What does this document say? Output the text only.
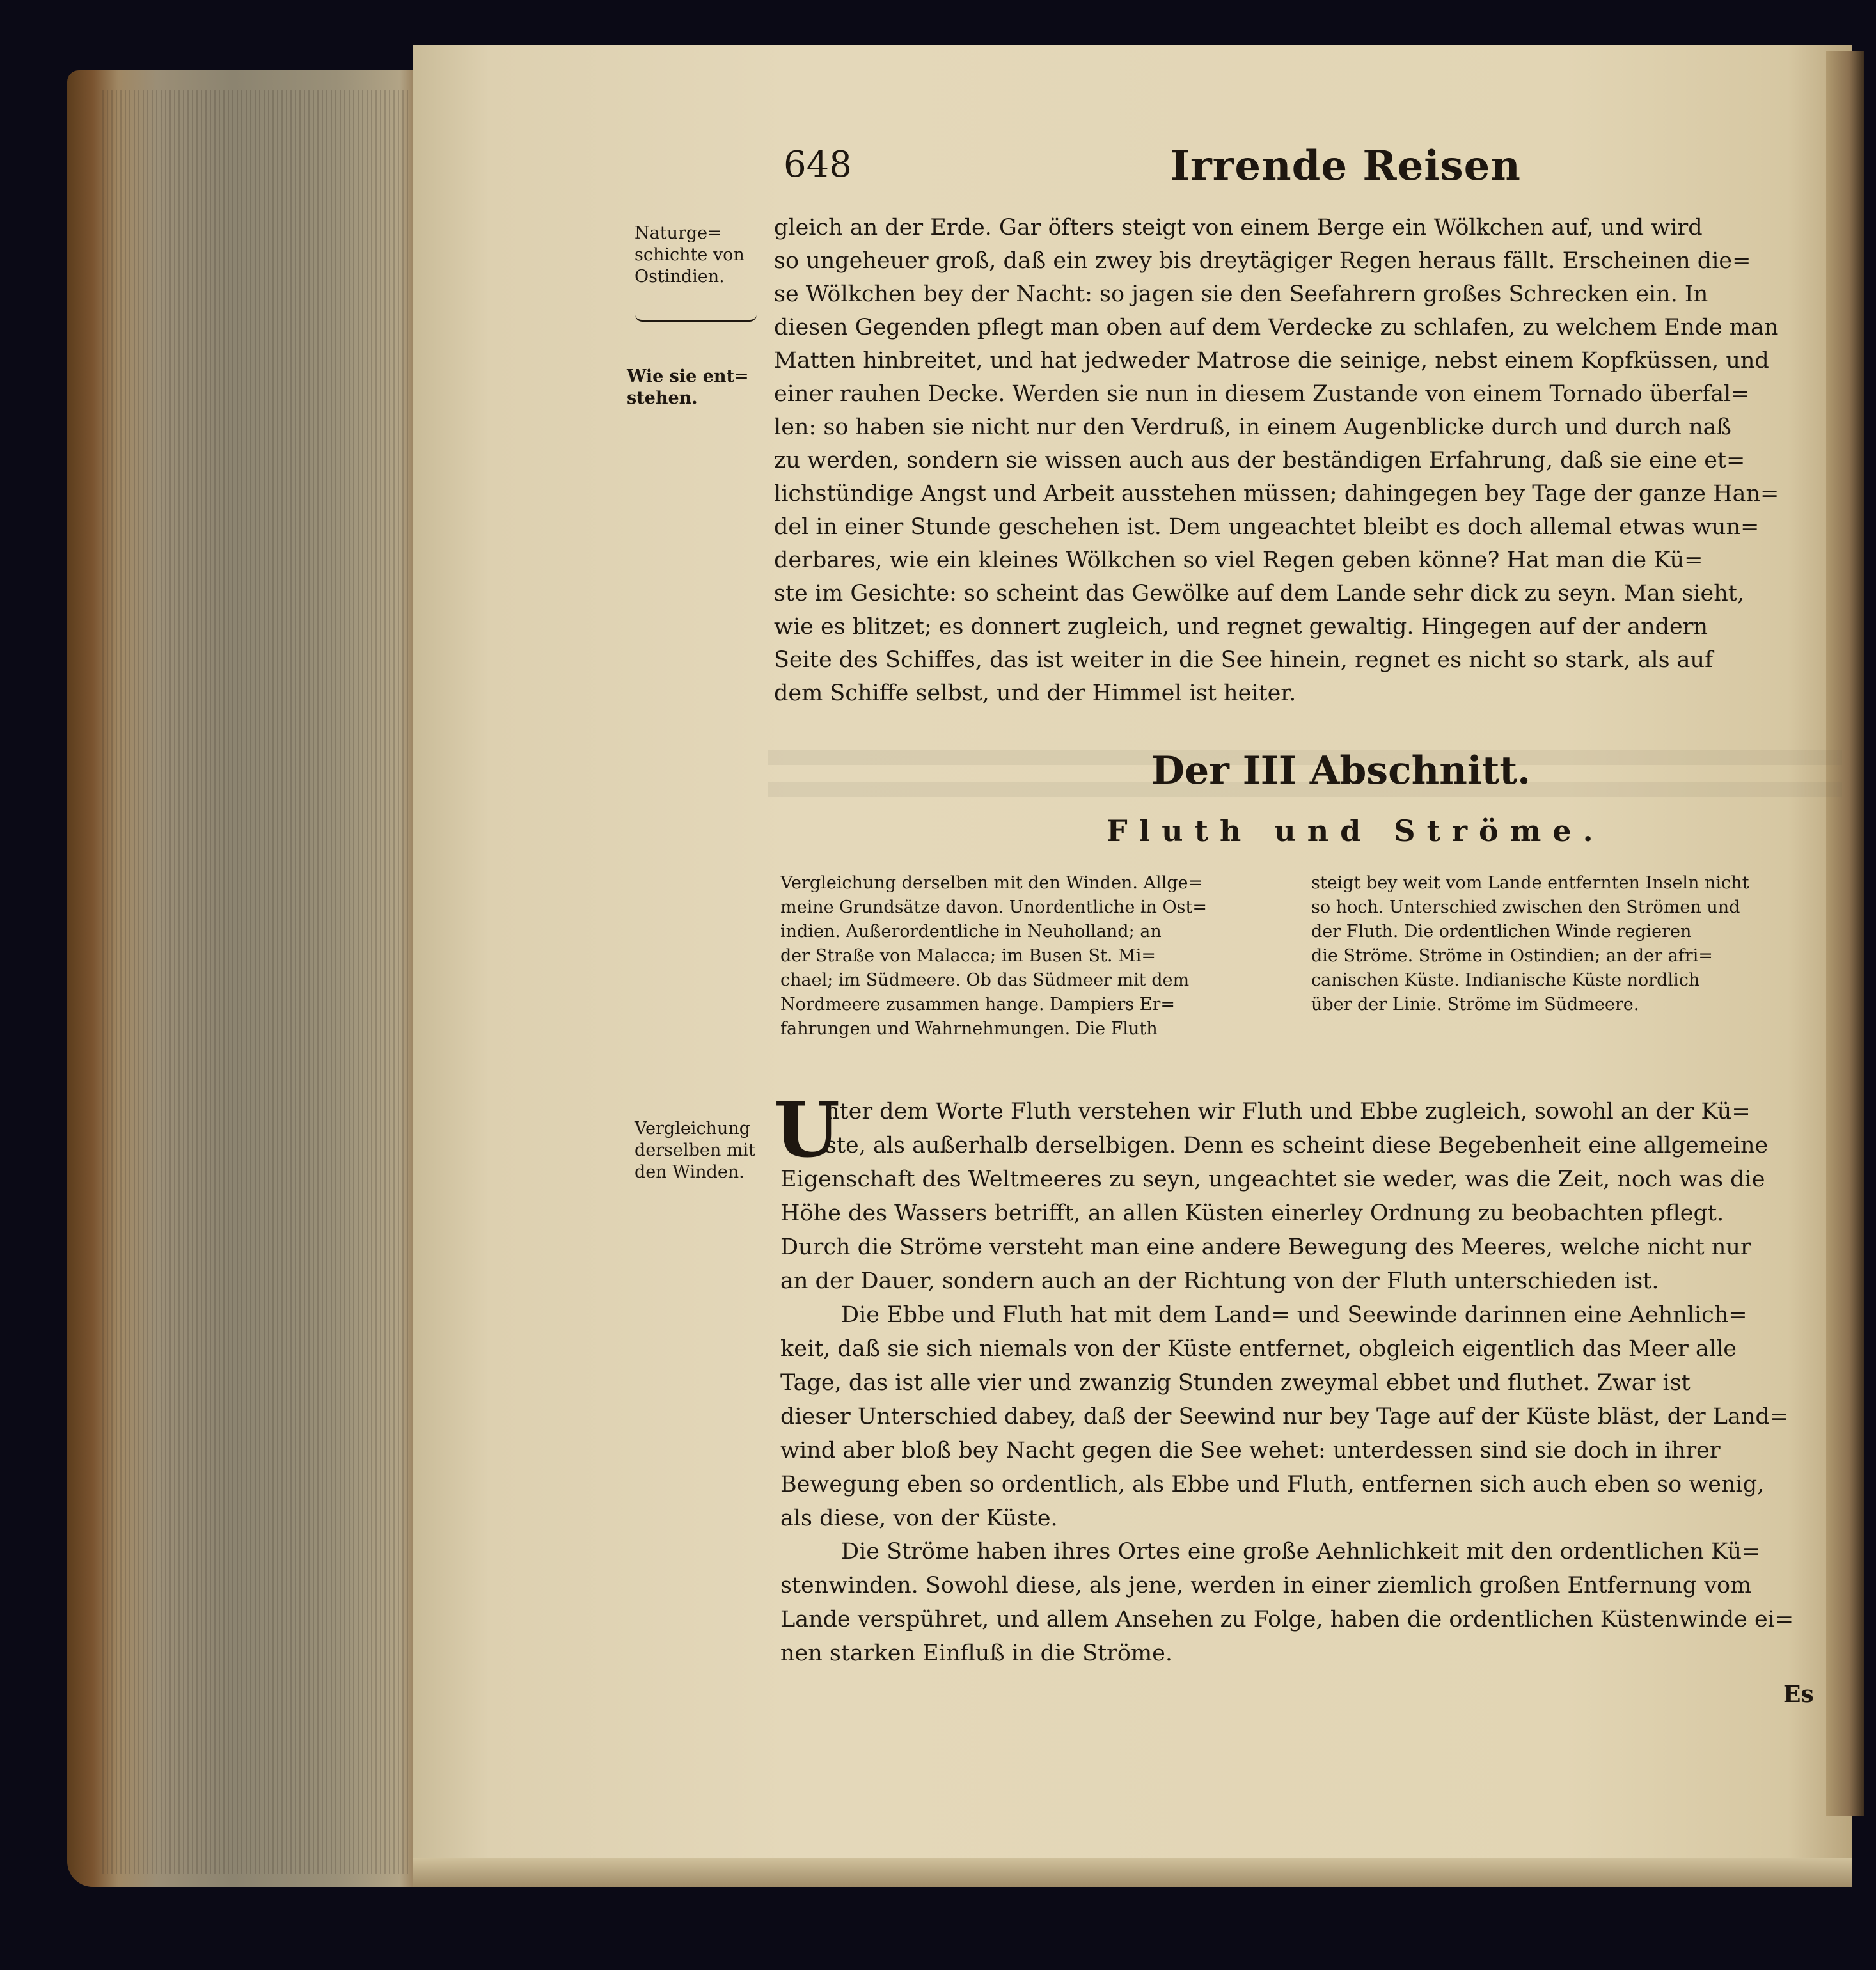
648	Irrende Reisen
Naturge= schichte von Ostindien.
Wie sie ent= stehen.
Vergleichung derselben mit den Winden.
gleich an der Erde. Gar öfters steigt von einem Berge ein Wölkchen auf, und wird
so ungeheuer groß, daß ein zwey bis dreytägiger Regen heraus fällt. Erscheinen die=
se Wölkchen bey der Nacht: so jagen sie den Seefahrern großes Schrecken ein. In
diesen Gegenden pflegt man oben auf dem Verdecke zu schlafen, zu welchem Ende man
Matten hinbreitet, und hat jedweder Matrose die seinige, nebst einem Kopfküssen, und
einer rauhen Decke. Werden sie nun in diesem Zustande von einem Tornado überfal=
len: so haben sie nicht nur den Verdruß, in einem Augenblicke durch und durch naß
zu werden, sondern sie wissen auch aus der beständigen Erfahrung, daß sie eine et=
lichstündige Angst und Arbeit ausstehen müssen; dahingegen bey Tage der ganze Han=
del in einer Stunde geschehen ist. Dem ungeachtet bleibt es doch allemal etwas wun=
derbares, wie ein kleines Wölkchen so viel Regen geben könne? Hat man die Kü=
ste im Gesichte: so scheint das Gewölke auf dem Lande sehr dick zu seyn. Man sieht,
wie es blitzet; es donnert zugleich, und regnet gewaltig. Hingegen auf der andern
Seite des Schiffes, das ist weiter in die See hinein, regnet es nicht so stark, als auf
dem Schiffe selbst, und der Himmel ist heiter.
Der III Abschnitt.
Fluth und Ströme.
Vergleichung derselben mit den Winden. Allge=
meine Grundsätze davon. Unordentliche in Ost=
indien. Außerordentliche in Neuholland; an
der Straße von Malacca; im Busen St. Mi=
chael; im Südmeere. Ob das Südmeer mit dem
Nordmeere zusammen hange. Dampiers Er=
fahrungen und Wahrnehmungen. Die Fluth
steigt bey weit vom Lande entfernten Inseln nicht
so hoch. Unterschied zwischen den Strömen und
der Fluth. Die ordentlichen Winde regieren
die Ströme. Ströme in Ostindien; an der afri=
canischen Küste. Indianische Küste nordlich
über der Linie. Ströme im Südmeere.
U
nter dem Worte Fluth verstehen wir Fluth und Ebbe zugleich, sowohl an der Kü=
ste, als außerhalb derselbigen. Denn es scheint diese Begebenheit eine allgemeine
Eigenschaft des Weltmeeres zu seyn, ungeachtet sie weder, was die Zeit, noch was die
Höhe des Wassers betrifft, an allen Küsten einerley Ordnung zu beobachten pflegt.
Durch die Ströme versteht man eine andere Bewegung des Meeres, welche nicht nur
an der Dauer, sondern auch an der Richtung von der Fluth unterschieden ist.
Die Ebbe und Fluth hat mit dem Land= und Seewinde darinnen eine Aehnlich=
keit, daß sie sich niemals von der Küste entfernet, obgleich eigentlich das Meer alle
Tage, das ist alle vier und zwanzig Stunden zweymal ebbet und fluthet. Zwar ist
dieser Unterschied dabey, daß der Seewind nur bey Tage auf der Küste bläst, der Land=
wind aber bloß bey Nacht gegen die See wehet: unterdessen sind sie doch in ihrer
Bewegung eben so ordentlich, als Ebbe und Fluth, entfernen sich auch eben so wenig,
als diese, von der Küste.
Die Ströme haben ihres Ortes eine große Aehnlichkeit mit den ordentlichen Kü=
stenwinden. Sowohl diese, als jene, werden in einer ziemlich großen Entfernung vom
Lande verspühret, und allem Ansehen zu Folge, haben die ordentlichen Küstenwinde ei=
nen starken Einfluß in die Ströme.
Es
